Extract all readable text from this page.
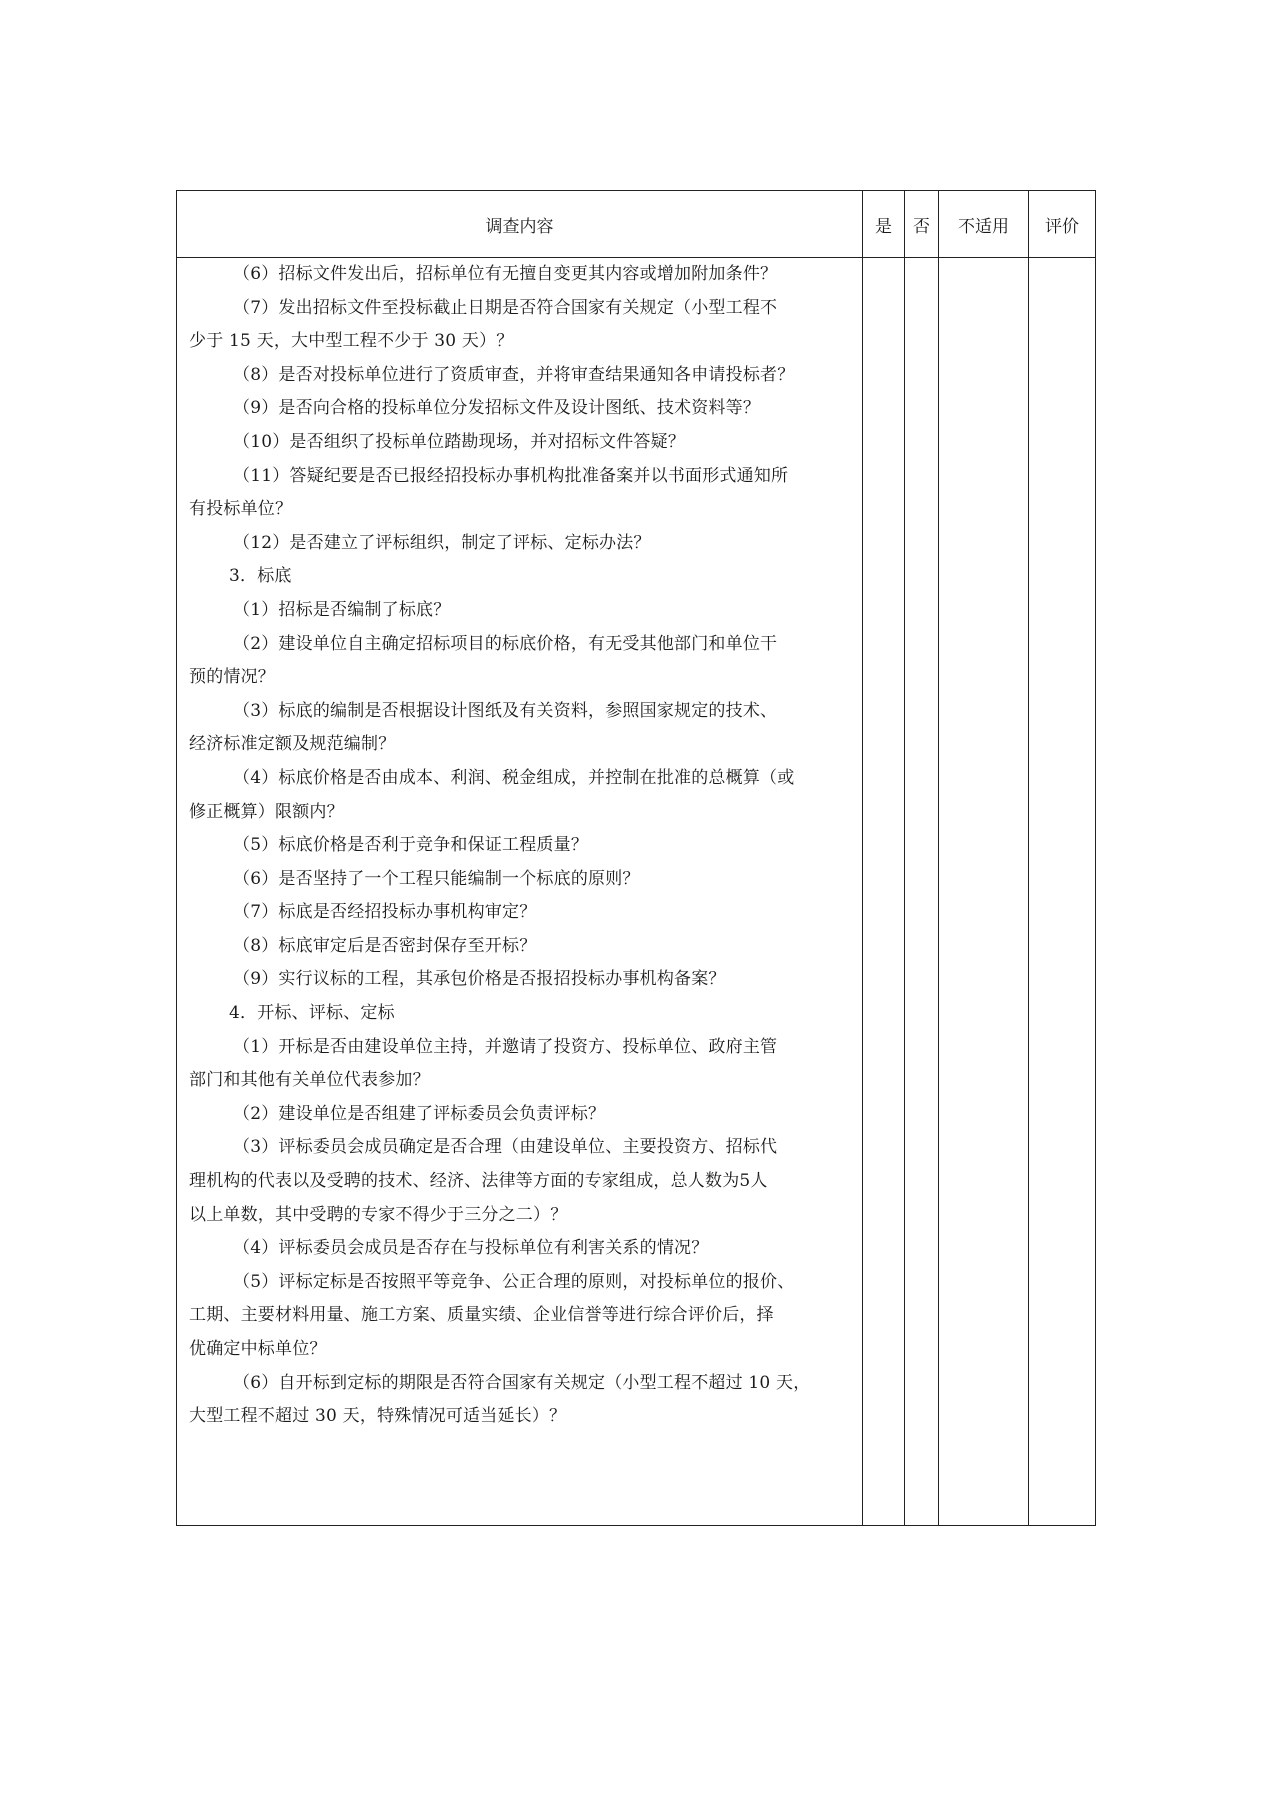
调查内容	是	否	不适用	评价
（6）招标文件发出后，招标单位有无擅自变更其内容或增加附加条件？
（7）发出招标文件至投标截止日期是否符合国家有关规定（小型工程不
少于 15 天，大中型工程不少于 30 天）？
（8）是否对投标单位进行了资质审查，并将审查结果通知各申请投标者？
（9）是否向合格的投标单位分发招标文件及设计图纸、技术资料等？
（10）是否组织了投标单位踏勘现场，并对招标文件答疑？
（11）答疑纪要是否已报经招投标办事机构批准备案并以书面形式通知所
有投标单位？
（12）是否建立了评标组织，制定了评标、定标办法？
3．标底
（1）招标是否编制了标底？
（2）建设单位自主确定招标项目的标底价格，有无受其他部门和单位干
预的情况？
（3）标底的编制是否根据设计图纸及有关资料，参照国家规定的技术、
经济标准定额及规范编制？
（4）标底价格是否由成本、利润、税金组成，并控制在批准的总概算（或
修正概算）限额内？
（5）标底价格是否利于竞争和保证工程质量？
（6）是否坚持了一个工程只能编制一个标底的原则？
（7）标底是否经招投标办事机构审定？
（8）标底审定后是否密封保存至开标？
（9）实行议标的工程，其承包价格是否报招投标办事机构备案？
4．开标、评标、定标
（1）开标是否由建设单位主持，并邀请了投资方、投标单位、政府主管
部门和其他有关单位代表参加？
（2）建设单位是否组建了评标委员会负责评标？
（3）评标委员会成员确定是否合理（由建设单位、主要投资方、招标代
理机构的代表以及受聘的技术、经济、法律等方面的专家组成，总人数为5人
以上单数，其中受聘的专家不得少于三分之二）？
（4）评标委员会成员是否存在与投标单位有利害关系的情况？
（5）评标定标是否按照平等竞争、公正合理的原则，对投标单位的报价、
工期、主要材料用量、施工方案、质量实绩、企业信誉等进行综合评价后，择
优确定中标单位？
（6）自开标到定标的期限是否符合国家有关规定（小型工程不超过 10 天，
大型工程不超过 30 天，特殊情况可适当延长）？
